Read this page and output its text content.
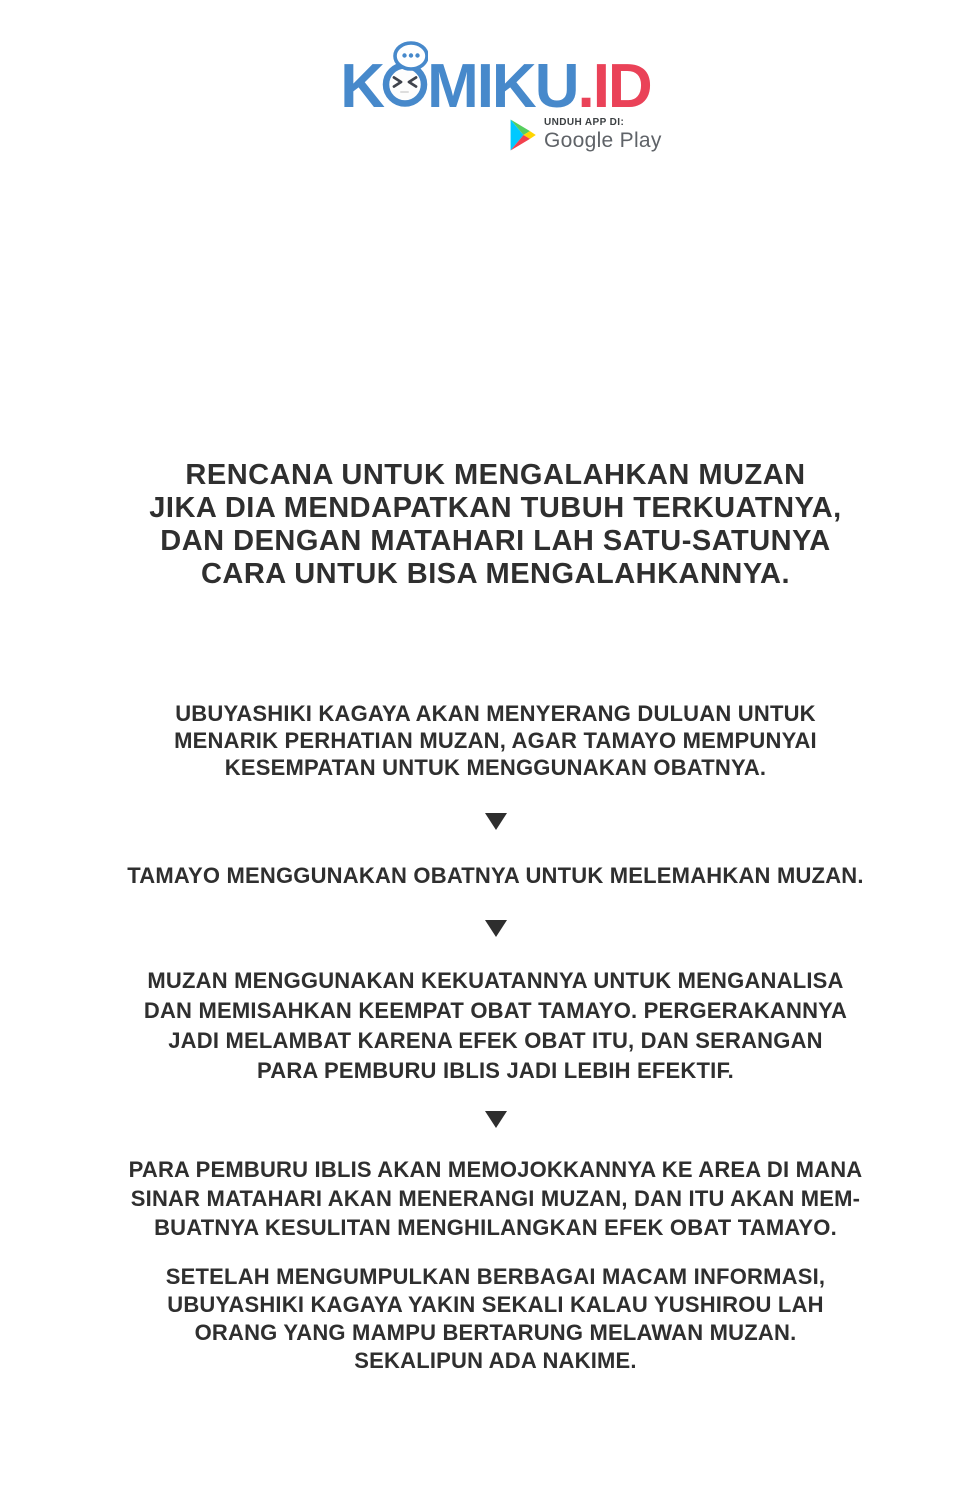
K MIKU .ID
UNDUH APP DI:
Google Play
RENCANA UNTUK MENGALAHKAN MUZAN
JIKA DIA MENDAPATKAN TUBUH TERKUATNYA,
DAN DENGAN MATAHARI LAH SATU-SATUNYA
CARA UNTUK BISA MENGALAHKANNYA.
UBUYASHIKI KAGAYA AKAN MENYERANG DULUAN UNTUK
MENARIK PERHATIAN MUZAN, AGAR TAMAYO MEMPUNYAI
KESEMPATAN UNTUK MENGGUNAKAN OBATNYA.
TAMAYO MENGGUNAKAN OBATNYA UNTUK MELEMAHKAN MUZAN.
MUZAN MENGGUNAKAN KEKUATANNYA UNTUK MENGANALISA
DAN MEMISAHKAN KEEMPAT OBAT TAMAYO. PERGERAKANNYA
JADI MELAMBAT KARENA EFEK OBAT ITU, DAN SERANGAN
PARA PEMBURU IBLIS JADI LEBIH EFEKTIF.
PARA PEMBURU IBLIS AKAN MEMOJOKKANNYA KE AREA DI MANA
SINAR MATAHARI AKAN MENERANGI MUZAN, DAN ITU AKAN MEM-
BUATNYA KESULITAN MENGHILANGKAN EFEK OBAT TAMAYO.
SETELAH MENGUMPULKAN BERBAGAI MACAM INFORMASI,
UBUYASHIKI KAGAYA YAKIN SEKALI KALAU YUSHIROU LAH
ORANG YANG MAMPU BERTARUNG MELAWAN MUZAN.
SEKALIPUN ADA NAKIME.
